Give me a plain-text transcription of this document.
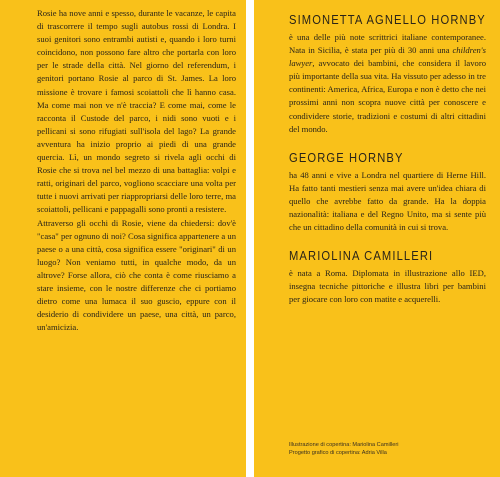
Rosie ha nove anni e spesso, durante le vacanze, le capita di trascorrere il tempo sugli autobus rossi di Londra. I suoi genitori sono entrambi autisti e, quando i loro turni coincidono, non possono fare altro che portarla con loro per le strade della città. Nel giorno del referendum, i genitori portano Rosie al parco di St. James. La loro missione è trovare i famosi scoiattoli che lì hanno casa. Ma come mai non ve n'è traccia? E come mai, come le racconta il Custode del parco, i nidi sono vuoti e i pellicani si sono rifugiati sull'isola del lago? La grande avventura ha inizio proprio ai piedi di una grande quercia. Lì, un mondo segreto si rivela agli occhi di Rosie che si trova nel bel mezzo di una battaglia: volpi e ratti, originari del parco, vogliono scacciare una volta per tutte i nuovi arrivati per riappropriarsi delle loro terre, ma scoiattoli, pellicani e pappagalli sono pronti a resistere.

Attraverso gli occhi di Rosie, viene da chiedersi: dov'è "casa" per ognuno di noi? Cosa significa appartenere a un paese o a una città, cosa significa essere "originari" di un luogo? Non veniamo tutti, in qualche modo, da un altrove? Forse allora, ciò che conta è come riusciamo a stare insieme, con le nostre differenze che ci portiamo dietro come una lumaca il suo guscio, eppure con il desiderio di condividere un paese, una città, un parco, un'amicizia.

SIMONETTA AGNELLO HORNBY

è una delle più note scrittrici italiane contemporanee. Nata in Sicilia, è stata per più di 30 anni una children's lawyer, avvocato dei bambini, che considera il lavoro più importante della sua vita. Ha vissuto per adesso in tre continenti: America, Africa, Europa e non è detto che nei prossimi anni non scopra nuove città per conoscere e condividere storie, tradizioni e costumi di altri cittadini del mondo.

GEORGE HORNBY

ha 48 anni e vive a Londra nel quartiere di Herne Hill. Ha fatto tanti mestieri senza mai avere un'idea chiara di quello che avrebbe fatto da grande. Ha la doppia nazionalità: italiana e del Regno Unito, ma si sente più che un cittadino della comunità in cui si trova.

MARIOLINA CAMILLERI

è nata a Roma. Diplomata in illustrazione allo IED, insegna tecniche pittoriche e illustra libri per bambini per giocare con loro con matite e acquerelli.

Illustrazione di copertina: Mariolina Camilleri
Progetto grafico di copertina: Adria Villa
